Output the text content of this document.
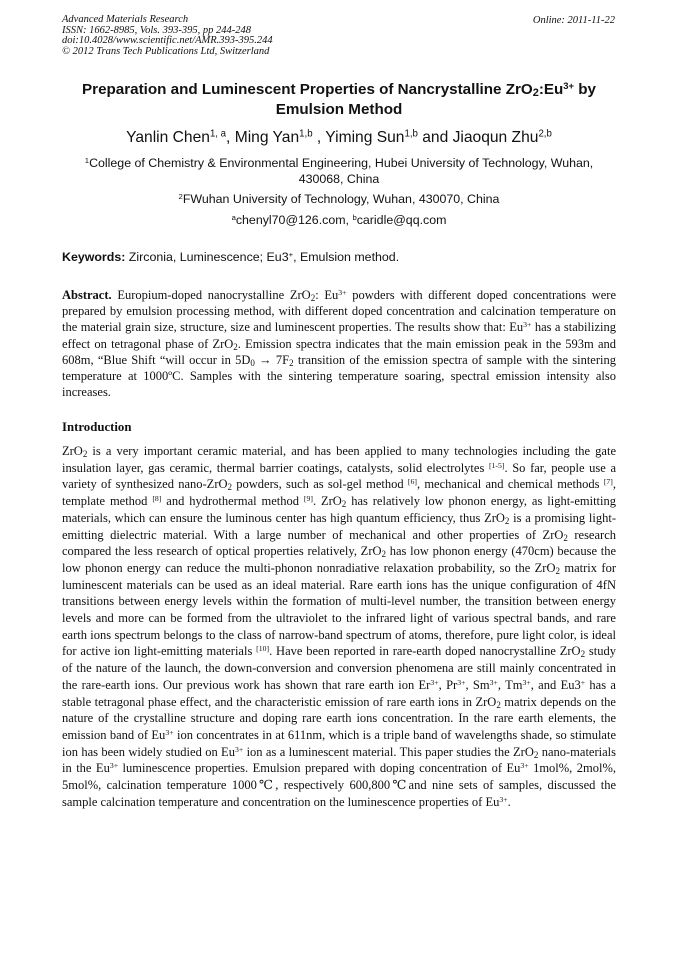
Advanced Materials Research
ISSN: 1662-8985, Vols. 393-395, pp 244-248
doi:10.4028/www.scientific.net/AMR.393-395.244
© 2012 Trans Tech Publications Ltd, Switzerland
Online: 2011-11-22
Preparation and Luminescent Properties of Nancrystalline $ZrO_2:Eu^{3+}$ by Emulsion Method
Yanlin Chen$^{1, a}$, Ming Yan$^{1,b}$ , Yiming Sun$^{1,b}$ and Jiaoqun Zhu$^{2,b}$
$^1$College of Chemistry & Environmental Engineering, Hubei University of Technology, Wuhan, 430068, China
$^2$FWuhan University of Technology, Wuhan, 430070, China
$^a$chenyl70@126.com, $^b$caridle@qq.com
Keywords: Zirconia, Luminescence; Eu3+, Emulsion method.
Abstract. Europium-doped nanocrystalline ZrO$_2$: $Eu^{3+}$ powders with different doped concentrations were prepared by emulsion processing method, with different doped concentration and calcination temperature on the material grain size, structure, size and luminescent properties. The results show that: $Eu^{3+}$ has a stabilizing effect on tetragonal phase of ZrO$_2$. Emission spectra indicates that the main emission peak in the 593m and 608m, “Blue Shift “will occur in $5D_0 \to 7F_2$ transition of the emission spectra of sample with the sintering temperature at 1000ºC. Samples with the sintering temperature soaring, spectral emission intensity also increases.
Introduction
ZrO$_2$ is a very important ceramic material, and has been applied to many technologies including the gate insulation layer, gas ceramic, thermal barrier coatings, catalysts, solid electrolytes [1-5]. So far, people use a variety of synthesized nano-ZrO$_2$ powders, such as sol-gel method [6], mechanical and chemical methods [7], template method [8] and hydrothermal method [9]. ZrO$_2$ has relatively low phonon energy, as light-emitting materials, which can ensure the luminous center has high quantum efficiency, thus ZrO$_2$ is a promising light-emitting dielectric material. With a large number of mechanical and other properties of ZrO$_2$ research compared the less research of optical properties relatively, ZrO$_2$ has low phonon energy (470cm) because the low phonon energy can reduce the multi-phonon nonradiative relaxation probability, so the ZrO$_2$ matrix for luminescent materials can be used as an ideal material. Rare earth ions has the unique configuration of 4fN transitions between energy levels within the formation of multi-level number, the transition between energy levels and more can be formed from the ultraviolet to the infrared light of various spectral bands, and rare earth ions spectrum belongs to the class of narrow-band spectrum of atoms, therefore, pure light color, is ideal for active ion light-emitting materials [10]. Have been reported in rare-earth doped nanocrystalline ZrO$_2$ study of the nature of the launch, the down-conversion and conversion phenomena are still mainly concentrated in the rare-earth ions. Our previous work has shown that rare earth ion $Er^{3+}$, $Pr^{3+}$, $Sm^{3+}$, $Tm^{3+}$, and Eu3+ has a stable tetragonal phase effect, and the characteristic emission of rare earth ions in ZrO$_2$ matrix depends on the nature of the crystalline structure and doping rare earth ions concentration. In the rare earth elements, the emission band of $Eu^{3+}$ ion concentrates in at 611nm, which is a triple band of wavelengths shade, so stimulate ion has been widely studied on $Eu^{3+}$ ion as a luminescent material. This paper studies the ZrO$_2$ nano-materials in the $Eu^{3+}$ luminescence properties. Emulsion prepared with doping concentration of $Eu^{3+}$ 1mol%, 2mol%, 5mol%, calcination temperature 1000℃, respectively 600,800℃and nine sets of samples, discussed the sample calcination temperature and concentration on the luminescence properties of $Eu^{3+}$.
